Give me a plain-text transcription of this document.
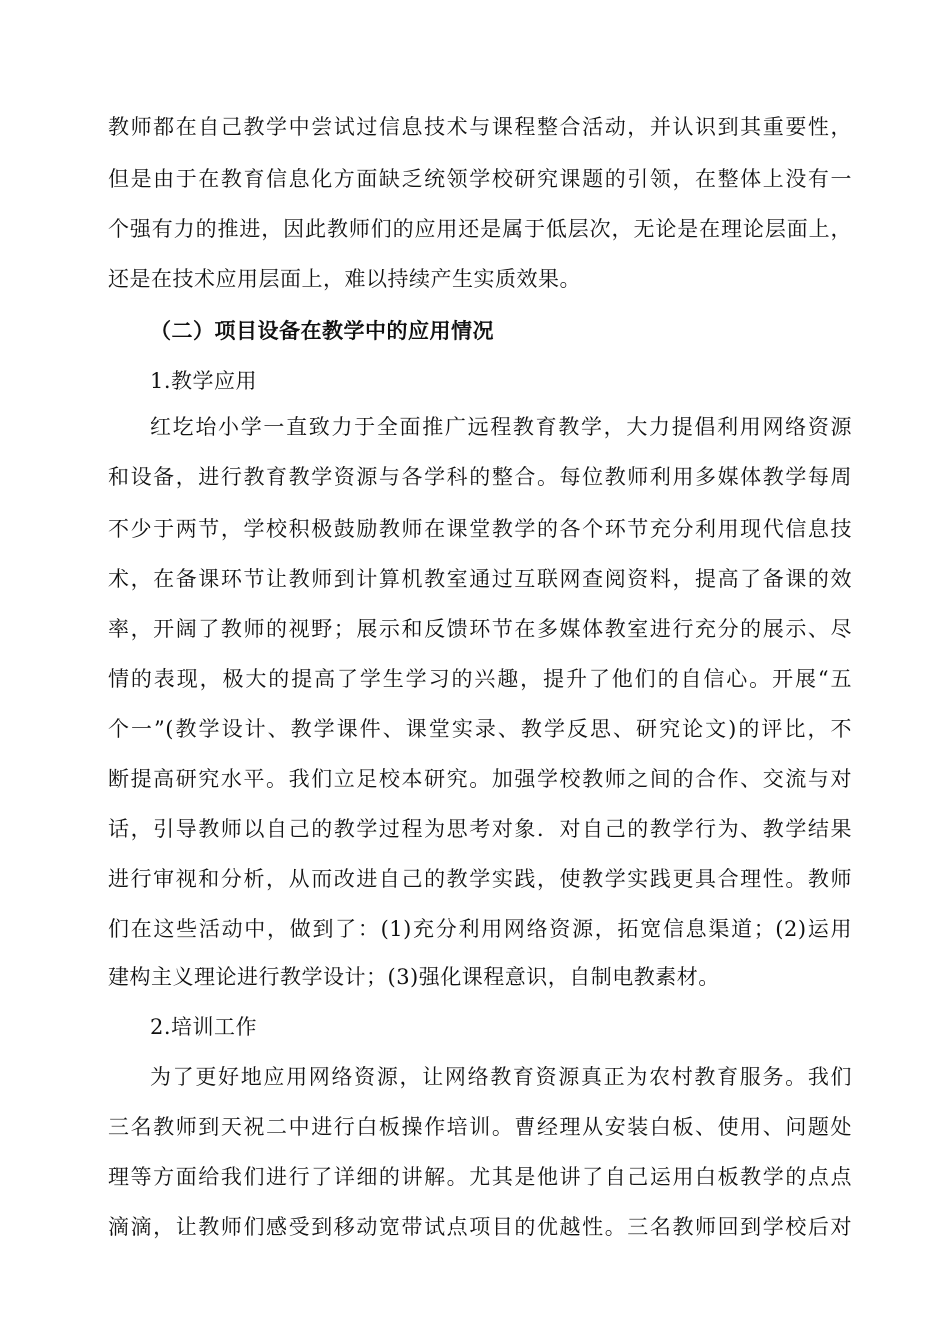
教师都在自己教学中尝试过信息技术与课程整合活动，并认识到其重要性，
但是由于在教育信息化方面缺乏统领学校研究课题的引领，在整体上没有一
个强有力的推进，因此教师们的应用还是属于低层次，无论是在理论层面上，
还是在技术应用层面上，难以持续产生实质效果。
（二）项目设备在教学中的应用情况
1.教学应用
红圪坮小学一直致力于全面推广远程教育教学，大力提倡利用网络资源
和设备，进行教育教学资源与各学科的整合。每位教师利用多媒体教学每周
不少于两节，学校积极鼓励教师在课堂教学的各个环节充分利用现代信息技
术，在备课环节让教师到计算机教室通过互联网查阅资料，提高了备课的效
率，开阔了教师的视野；展示和反馈环节在多媒体教室进行充分的展示、尽
情的表现，极大的提高了学生学习的兴趣，提升了他们的自信心。开展“五
个一”(教学设计、教学课件、课堂实录、教学反思、研究论文)的评比，不
断提高研究水平。我们立足校本研究。加强学校教师之间的合作、交流与对
话，引导教师以自己的教学过程为思考对象．对自己的教学行为、教学结果
进行审视和分析，从而改进自己的教学实践，使教学实践更具合理性。教师
们在这些活动中，做到了：(1)充分利用网络资源，拓宽信息渠道；(2)运用
建构主义理论进行教学设计；(3)强化课程意识，自制电教素材。
2.培训工作
为了更好地应用网络资源，让网络教育资源真正为农村教育服务。我们
三名教师到天祝二中进行白板操作培训。曹经理从安装白板、使用、问题处
理等方面给我们进行了详细的讲解。尤其是他讲了自己运用白板教学的点点
滴滴，让教师们感受到移动宽带试点项目的优越性。三名教师回到学校后对
